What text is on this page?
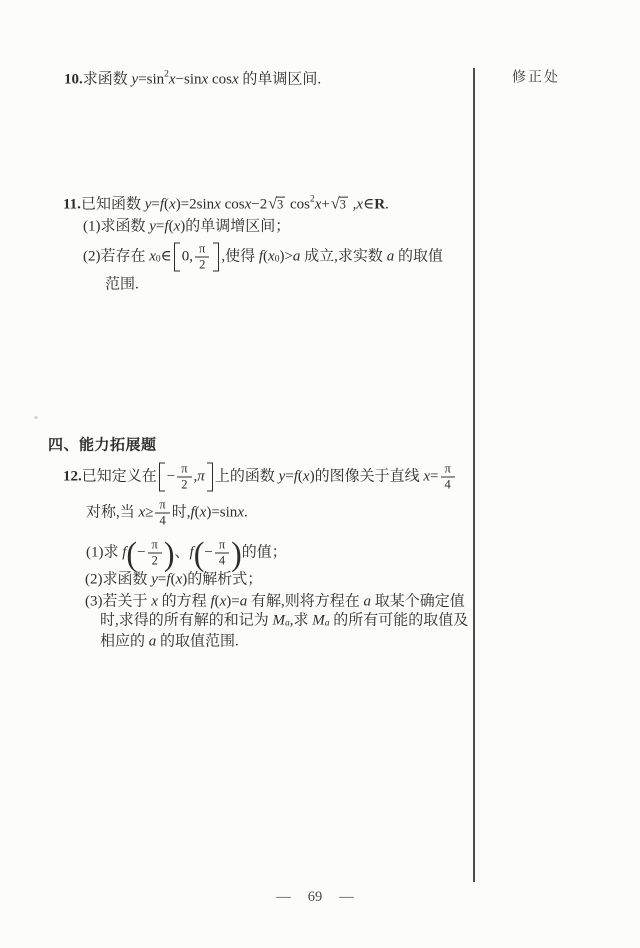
10. 求函数 y =sin 2 x −sin x cos x 的单调区间.	修正处
11. 已知函数 y = f ( x )=2sin x cos x −2 √ 3 cos 2 x + √ 3 , x ∈ R .
(1)求函数 y = f ( x ) 的单调增区间；
(2)若存在 x 0 ∈ 0, $\frac{\pi}{2}$ ,使得 f ( x 0 )> a 成立,求实数 a 的取值
范围.
四、能力拓展题
12. 已知定义在 − $\frac{\pi}{2}$ , π 上的函数 y = f ( x ) 的图像关于直线 $x = \frac{\pi}{4}$
对称,当 $x \ge \frac{\pi}{4}$ 时, f ( x )=sin x .
(1)求 f ( − $\frac{\pi}{2}$ ) 、 f ( − $\frac{\pi}{4}$ ) 的值；
(2)求函数 y = f ( x ) 的解析式；
(3)若关于 x 的方程 f ( x )= a 有解,则将方程在 a 取某个确定值
时,求得的所有解的和记为 M a ,求 M a 的所有可能的取值及
相应的 a 的取值范围.
— 69 —
